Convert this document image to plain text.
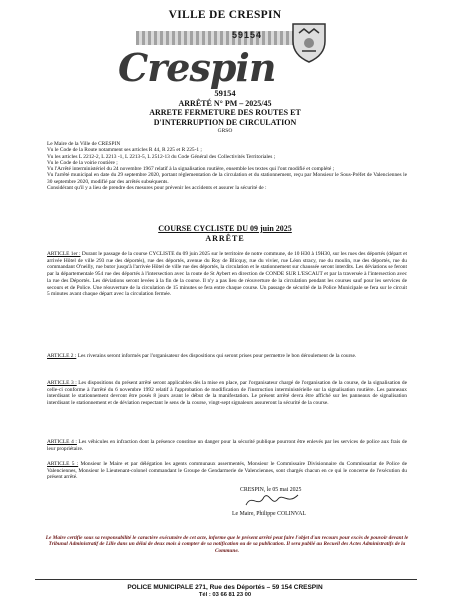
VILLE DE CRESPIN
59154
Crespin
59154
ARRÊTÉ N° PM – 2025/45
ARRETE FERMETURE DES ROUTES ET
D'INTERRUPTION DE CIRCULATION
GRSO

Le Maire de la Ville de CRESPIN

Vu le Code de la Route notamment ses articles R 44, R 225 et R 225-1 ;

Vu les articles L 2212-2, L 2213 -1, L 2213-5, L 2512-13 du Code Général des Collectivités Territoriales ;

Vu le Code de la voirie routière ;

Vu l'Arrêté interministériel du 24 novembre 1967 relatif à la signalisation routière, ensemble les textes qui l'ont modifié et complété ;

Vu l'arrêté municipal en date du 29 septembre 2020, portant réglementation de la circulation et du stationnement, reçu par Monsieur le Sous-Préfet de Valenciennes le 30 septembre 2020, modifié par des arrêtés subséquents.

Considérant qu'il y a lieu de prendre des mesures pour prévenir les accidents et assurer la sécurité de :

COURSE CYCLISTE DU 09 juin 2025
ARRÊTE
ARTICLE 1er : Durant le passage de la course CYCLISTE du 09 juin 2025 sur le territoire de notre commune, de 10 H30 à 19H30, sur les rues des déportés (départ et arrivée Hôtel de ville 293 rue des déportés), rue des déportés, avenue du Roy de Blicquy, rue du vivier, rue Léon stracy, rue du moulin, rue des déportés, rue du commandant O'neilly, rue butor jusqu'à l'arrivée Hôtel de ville rue des déportés, la circulation et le stationnement sur chaussée seront interdits. Les déviations se feront par la départementale 954 rue des déportés à l'intersection avec la route de St Aybert en direction de CONDE SUR L'ESCAUT et par la traversée à l'intersection avec la rue des Déportés. Les déviations seront levées à la fin de la course. Il n'y a pas lieu de réouverture de la circulation pendant les courses sauf pour les services de secours et de Police. Une réouverture de la circulation de 15 minutes se fera entre chaque course. Un passage de sécurité de la Police Municipale se fera sur le circuit 5 minutes avant chaque départ avec la circulation fermée.
ARTICLE 2 : Les riverains seront informés par l'organisateur des dispositions qui seront prises pour permettre le bon déroulement de la course.
ARTICLE 3 : Les dispositions du présent arrêté seront applicables dès la mise en place, par l'organisateur chargé de l'organisation de la course, de la signalisation de celle-ci conforme à l'arrêté du 6 novembre 1992 relatif à l'approbation de modification de l'instruction interministérielle sur la signalisation routière. Les panneaux interdisant le stationnement devront être posés 8 jours avant le début de la manifestation. Le présent arrêté devra être affiché sur les panneaux de signalisation interdisant le stationnement et de déviation respectant le sens de la course, vingt-sept signaleurs assureront la sécurité de la course.
ARTICLE 4 : Les véhicules en infraction dont la présence constitue un danger pour la sécurité publique pourront être enlevés par les services de police aux frais de leur propriétaire.
ARTICLE 5 : Monsieur le Maire et par délégation les agents communaux assermentés, Monsieur le Commissaire Divisionnaire du Commissariat de Police de Valenciennes, Monsieur le Lieutenant-colonel commandant le Groupe de Gendarmerie de Valenciennes, sont chargés chacun en ce qui le concerne de l'exécution du présent arrêté.
CRESPIN, le 05 mai 2025
Le Maire, Philippe COLINVAL
Le Maire certifie sous sa responsabilité le caractère exécutoire de cet acte, informe que le présent arrêté peut faire l'objet d'un recours pour excès de pouvoir devant le Tribunal Administratif de Lille dans un délai de deux mois à compter de sa notification ou de sa publication. Il sera publié au Recueil des Actes Administratifs de la Commune.
POLICE MUNICIPALE 271, Rue des Déportés – 59 154 CRESPIN
Tél : 03 66 81 23 00
